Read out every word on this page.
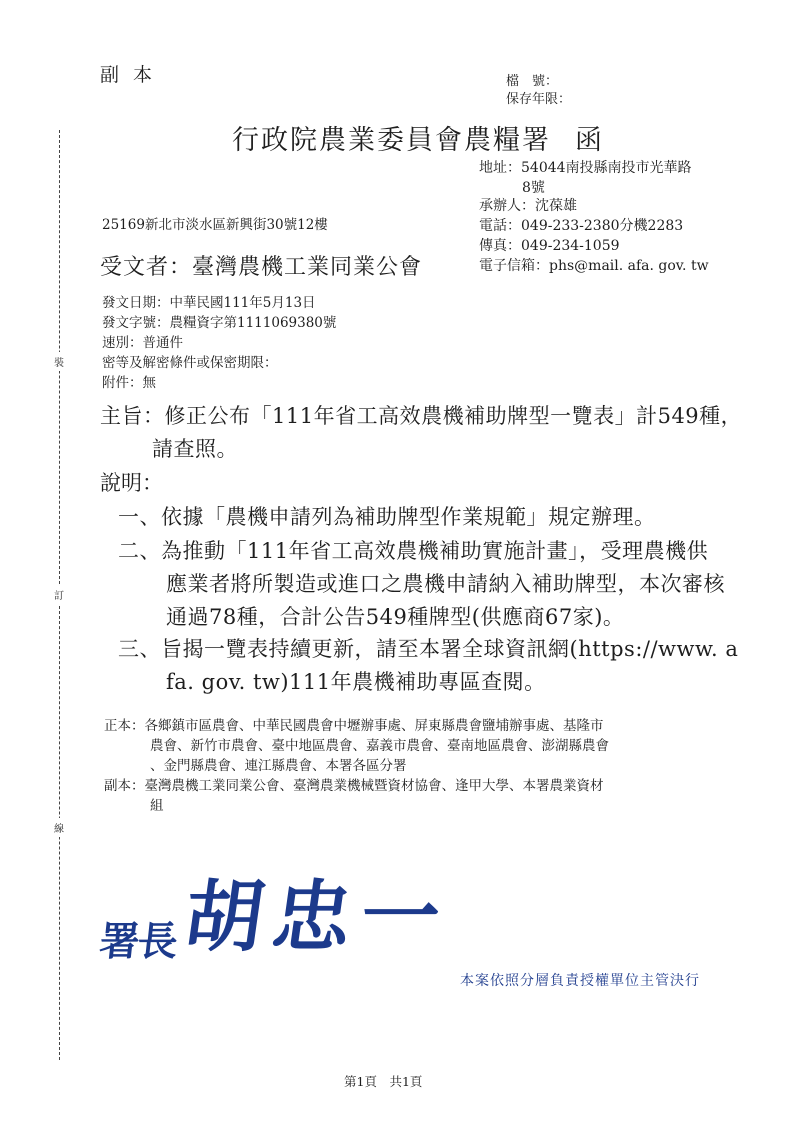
裝
訂
線
副本	檔　號：
保存年限：
行政院農業委員會農糧署 函
地址：54044南投縣南投市光華路
8號
承辦人：沈葆雄
電話：049-233-2380分機2283
傳真：049-234-1059
電子信箱：phs@mail. afa. gov. tw
25169新北市淡水區新興街30號12樓
受文者：臺灣農機工業同業公會
發文日期：中華民國111年5月13日
發文字號：農糧資字第1111069380號
速別：普通件
密等及解密條件或保密期限：
附件：無
主旨：修正公布「111年省工高效農機補助牌型一覽表」計549種，
請查照。
說明：
一、依據「農機申請列為補助牌型作業規範」規定辦理。
二、為推動「111年省工高效農機補助實施計畫」，受理農機供
應業者將所製造或進口之農機申請納入補助牌型，本次審核
通過78種，合計公告549種牌型(供應商67家)。
三、旨揭一覽表持續更新，請至本署全球資訊網(https://www. a
fa. gov. tw)111年農機補助專區查閱。
正本：各鄉鎮市區農會、中華民國農會中壢辦事處、屏東縣農會鹽埔辦事處、基隆市
農會、新竹市農會、臺中地區農會、嘉義市農會、臺南地區農會、澎湖縣農會
、金門縣農會、連江縣農會、本署各區分署
副本：臺灣農機工業同業公會、臺灣農業機械暨資材協會、逢甲大學、本署農業資材
組
署長胡忠一
本案依照分層負責授權單位主管決行
第1頁　共1頁
